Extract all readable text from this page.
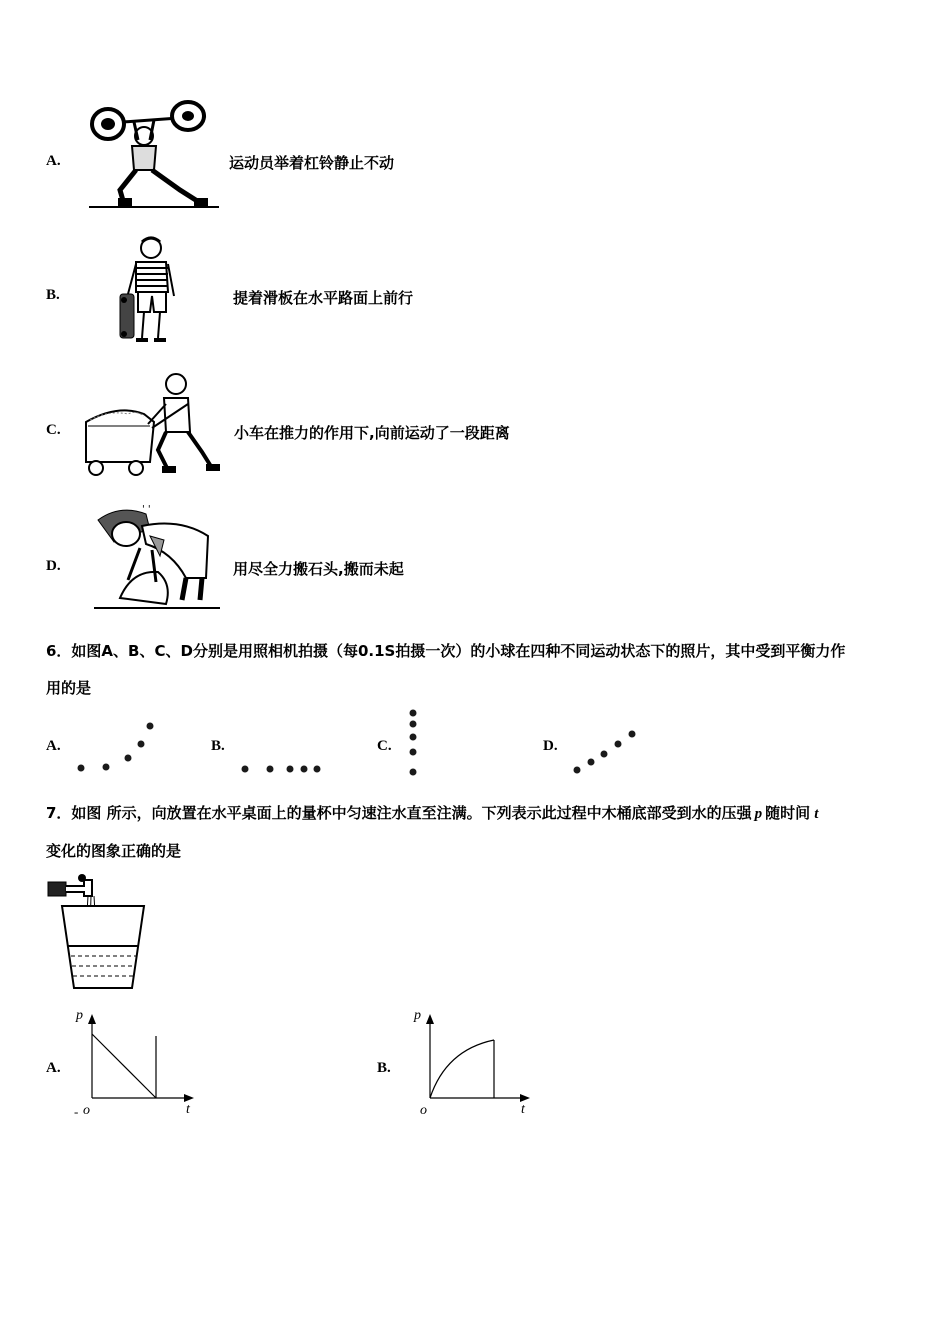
A.	运动员举着杠铃静止不动
B.	提着滑板在水平路面上前行
C.	小车在推力的作用下,向前运动了一段距离
D.
' '
用尽全力搬石头,搬而未起
6．如图A、B、C、D分别是用照相机拍摄（每0.1S拍摄一次）的小球在四种不同运动状态下的照片，其中受到平衡力作
用的是
A.	B.	C.	D.
7．如图 所示，向放置在水平桌面上的量杯中匀速注水直至注满。下列表示此过程中木桶底部受到水的压强 p 随时间 t
变化的图象正确的是
A.
p
t
- o
B.
p
t
o
